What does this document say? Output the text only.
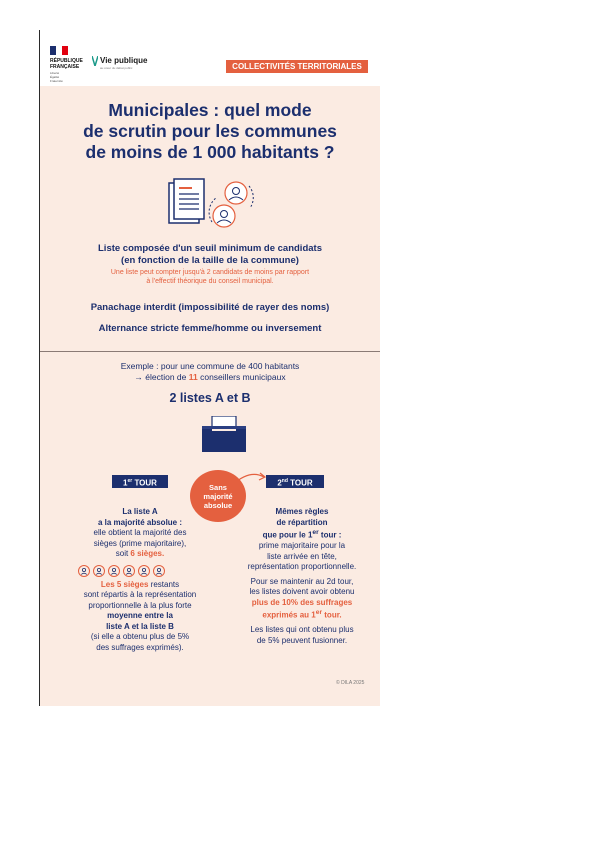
RÉPUBLIQUE
FRANÇAISE
Liberté
Égalité
Fraternité
Vie publique
au cœur du débat public	COLLECTIVITÉS TERRITORIALES
Municipales : quel mode
de scrutin pour les communes
de moins de 1 000 habitants ?
Liste composée d'un seuil minimum de candidats
(en fonction de la taille de la commune)
Une liste peut compter jusqu'à 2 candidats de moins par rapport
à l'effectif théorique du conseil municipal.
Panachage interdit (impossibilité de rayer des noms)
Alternance stricte femme/homme ou inversement
Exemple : pour une commune de 400 habitants
→ élection de 11 conseillers municipaux
2 listes A et B
1er TOUR	2nd TOUR
Sans
majorité
absolue
La liste A
a la majorité absolue :
elle obtient la majorité des
sièges (prime majoritaire),
soit 6 sièges.
Les 5 sièges restants
sont répartis à la représentation
proportionnelle à la plus forte
moyenne entre la
liste A et la liste B
(si elle a obtenu plus de 5%
des suffrages exprimés).
Mêmes règles
de répartition
que pour le 1er tour :
prime majoritaire pour la
liste arrivée en tête,
représentation proportionnelle.
Pour se maintenir au 2d tour,
les listes doivent avoir obtenu
plus de 10% des suffrages
exprimés au 1er tour.
Les listes qui ont obtenu plus
de 5% peuvent fusionner.
© DILA 2025
